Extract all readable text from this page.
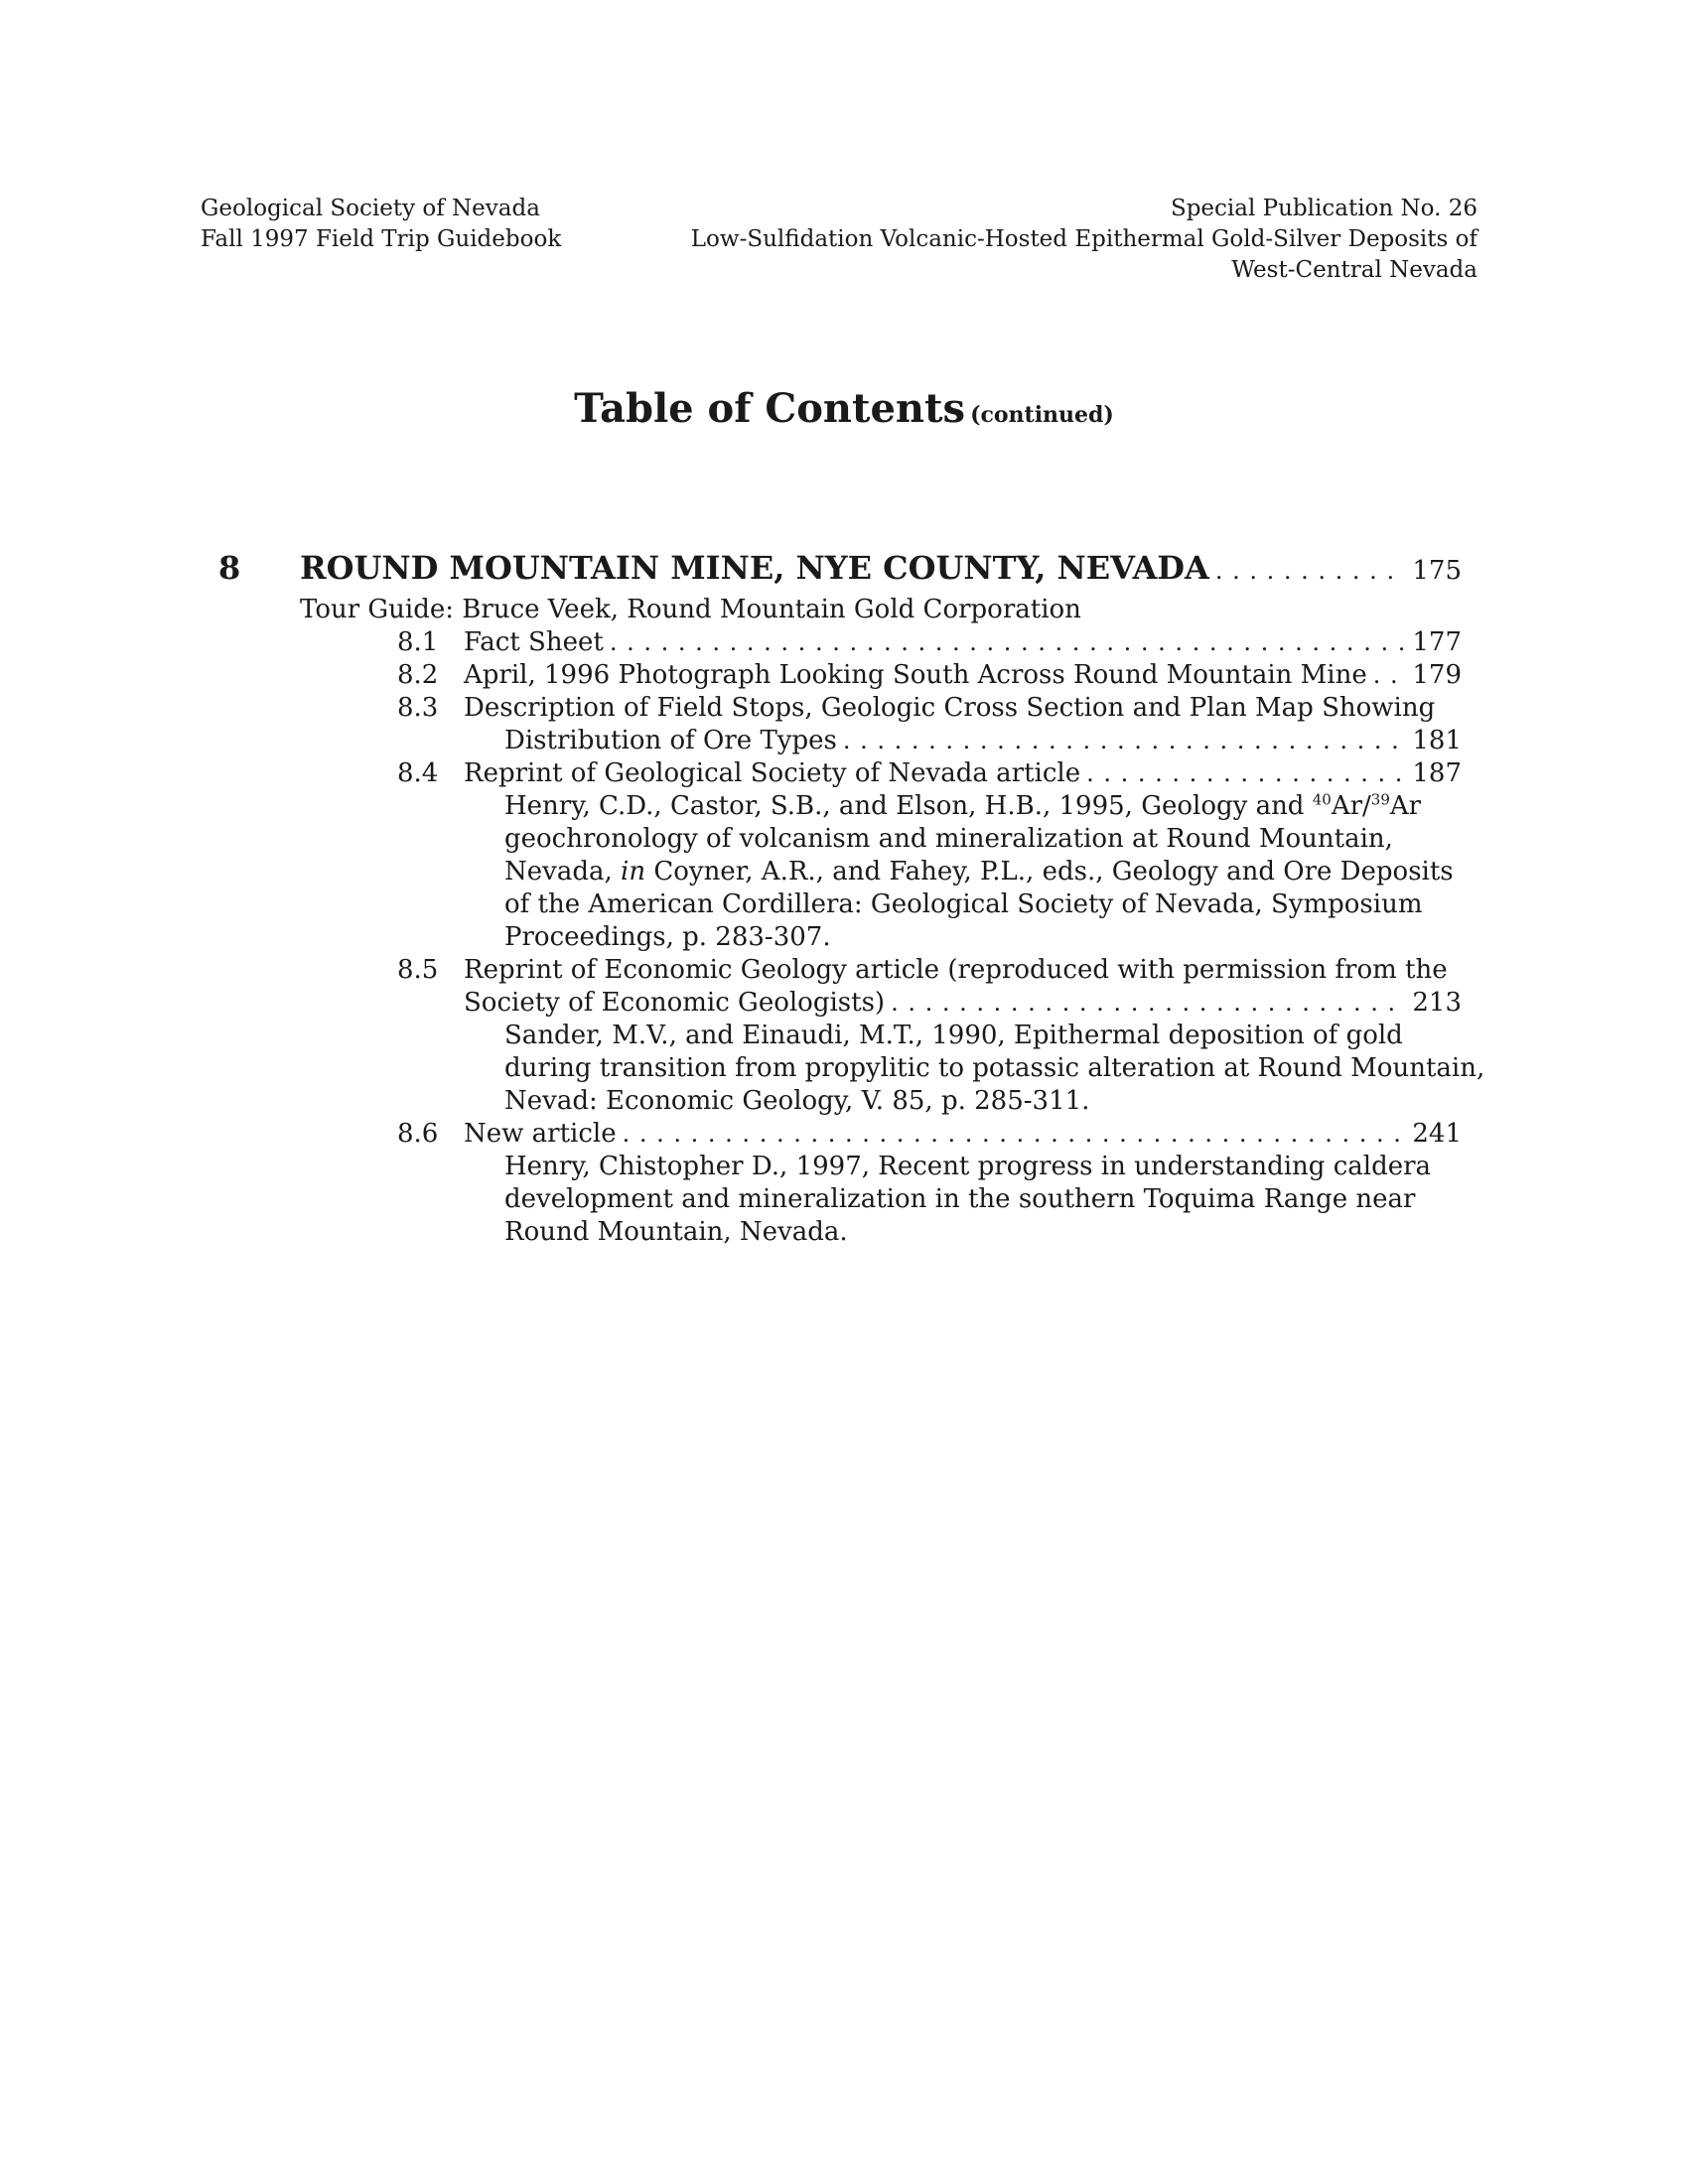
Geological Society of Nevada
Fall 1997 Field Trip Guidebook
Special Publication No. 26
Low-Sulfidation Volcanic-Hosted Epithermal Gold-Silver Deposits of
West-Central Nevada
Table of Contents (continued)
8 ROUND MOUNTAIN MINE, NYE COUNTY, NEVADA . . .	175
Tour Guide: Bruce Veek, Round Mountain Gold Corporation
8.1 Fact Sheet . . .	177
8.2 April, 1996 Photograph Looking South Across Round Mountain Mine . . . 179
8.3 Description of Field Stops, Geologic Cross Section and Plan Map Showing
Distribution of Ore Types . . .	181
8.4 Reprint of Geological Society of Nevada article . . .	187
Henry, C.D., Castor, S.B., and Elson, H.B., 1995, Geology and $^{40}$Ar/$^{39}$Ar
geochronology of volcanism and mineralization at Round Mountain,
Nevada, in Coyner, A.R., and Fahey, P.L., eds., Geology and Ore Deposits
of the American Cordillera: Geological Society of Nevada, Symposium
Proceedings, p. 283-307.
8.5 Reprint of Economic Geology article (reproduced with permission from the
Society of Economic Geologists) . . .	213
Sander, M.V., and Einaudi, M.T., 1990, Epithermal deposition of gold
during transition from propylitic to potassic alteration at Round Mountain,
Nevad: Economic Geology, V. 85, p. 285-311.
8.6 New article . . .	241
Henry, Chistopher D., 1997, Recent progress in understanding caldera
development and mineralization in the southern Toquima Range near
Round Mountain, Nevada.
